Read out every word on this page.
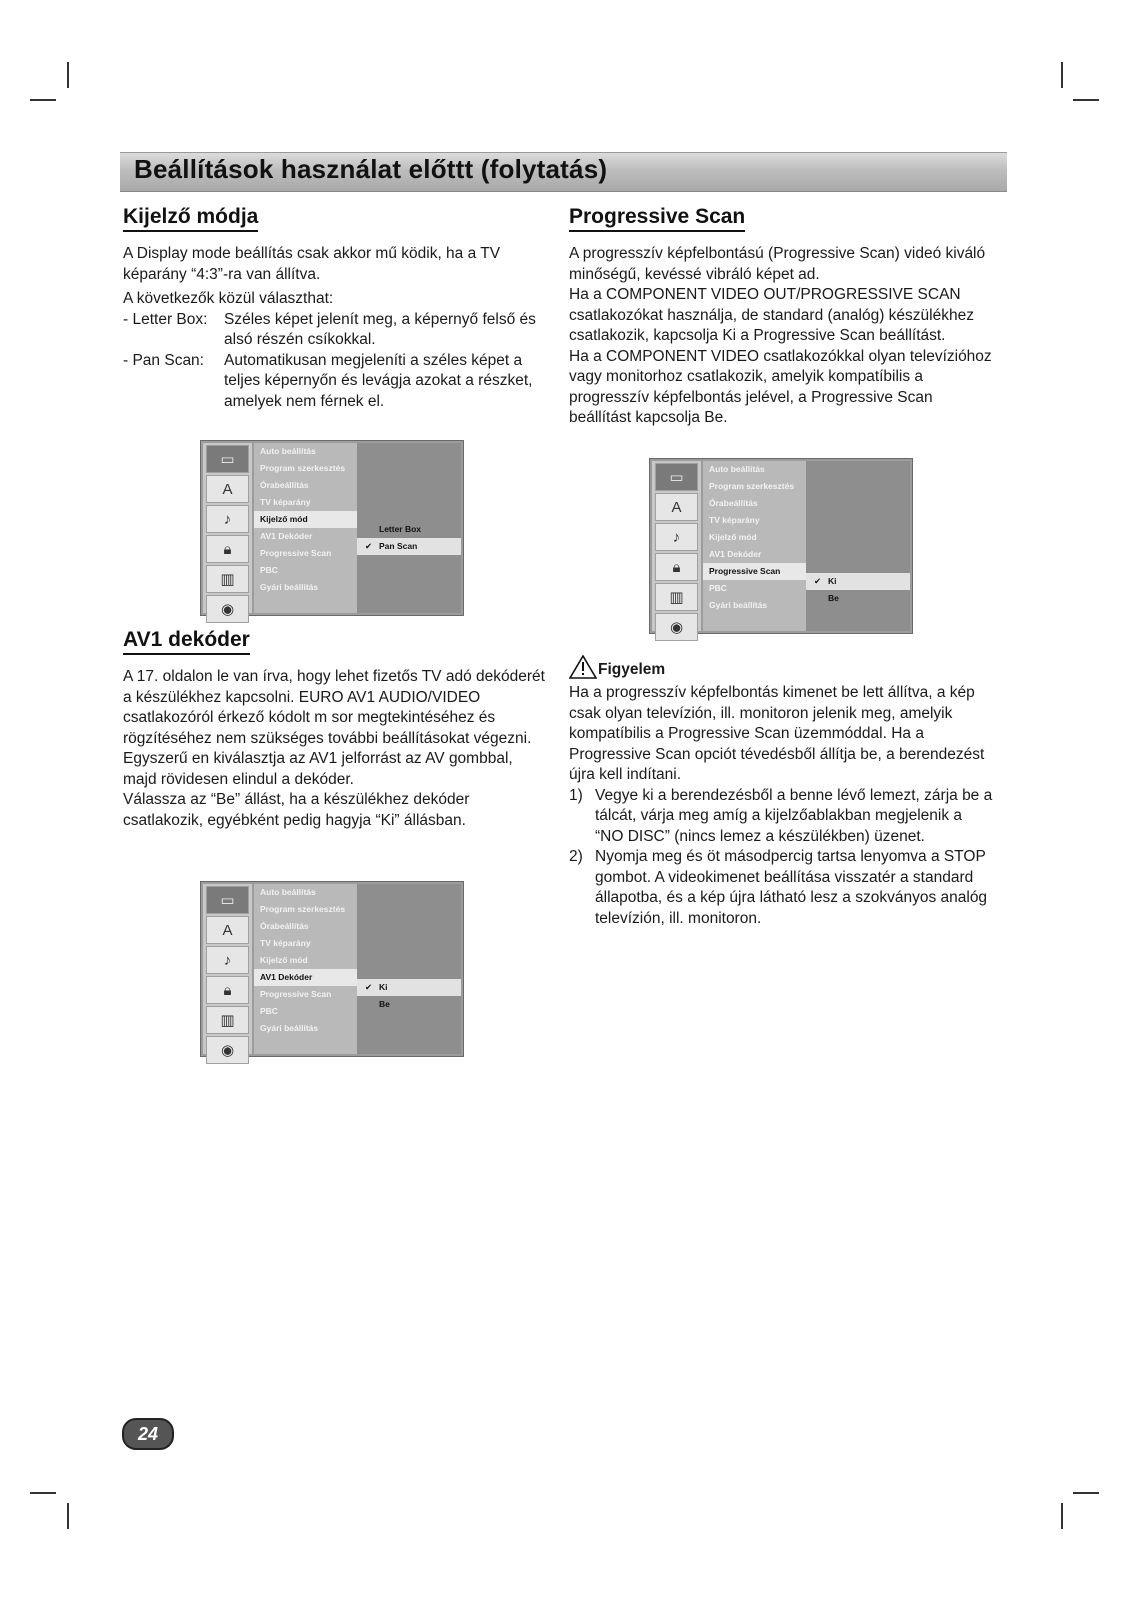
Beállítások használat előttt (folytatás)
Kijelző módja

A Display mode beállítás csak akkor mű ködik, ha a TV képarány “4:3”-ra van állítva.

A következők közül választhat:

- Letter Box:	Széles képet jelenít meg, a képernyő felső és alsó részén csíkokkal.
- Pan Scan:	Automatikusan megjeleníti a széles képet a teljes képernyőn és levágja azokat a részket, amelyek nem férnek el.
▭
A
♪
🔒︎
▥
◉
Auto beállítás
Program szerkesztés
Órabeállítás
TV képarány
Kijelző mód
AV1 Dekóder
Progressive Scan
PBC
Gyári beállítás
Letter Box
✔ Pan Scan
AV1 dekóder

A 17. oldalon le van írva, hogy lehet fizetős TV adó dekóderét a készülékhez kapcsolni. EURO AV1 AUDIO/VIDEO csatlakozóról érkező kódolt m sor megtekintéséhez és rögzítéséhez nem szükséges további beállításokat végezni. Egyszerű en kiválasztja az AV1 jelforrást az AV gombbal, majd rövidesen elindul a dekóder.

Válassza az “Be” állást, ha a készülékhez dekóder csatlakozik, egyébként pedig hagyja “Ki” állásban.

▭
A
♪
🔒︎
▥
◉
Auto beállítás
Program szerkesztés
Órabeállítás
TV képarány
Kijelző mód
AV1 Dekóder
Progressive Scan
PBC
Gyári beállítás
✔ Ki
Be
Progressive Scan

A progresszív képfelbontású (Progressive Scan) videó kiváló minőségű, kevéssé vibráló képet ad.

Ha a COMPONENT VIDEO OUT/PROGRESSIVE SCAN csatlakozókat használja, de standard (analóg) készülékhez csatlakozik, kapcsolja Ki a Progressive Scan beállítást.

Ha a COMPONENT VIDEO csatlakozókkal olyan televízióhoz vagy monitorhoz csatlakozik, amelyik kompatíbilis a progresszív képfelbontás jelével, a Progressive Scan beállítást kapcsolja Be.

▭
A
♪
🔒︎
▥
◉
Auto beállítás
Program szerkesztés
Órabeállítás
TV képarány
Kijelző mód
AV1 Dekóder
Progressive Scan
PBC
Gyári beállítás
✔ Ki
Be
Figyelem

Ha a progresszív képfelbontás kimenet be lett állítva, a kép csak olyan televízión, ill. monitoron jelenik meg, amelyik kompatíbilis a Progressive Scan üzemmóddal. Ha a Progressive Scan opciót tévedésből állítja be, a berendezést újra kell indítani.

1) Vegye ki a berendezésből a benne lévő lemezt, zárja be a tálcát, várja meg amíg a kijelzőablakban megjelenik a “NO DISC” (nincs lemez a készülékben) üzenet.
2) Nyomja meg és öt másodpercig tartsa lenyomva a STOP gombot. A videokimenet beállítása visszatér a standard állapotba, és a kép újra látható lesz a szokványos analóg televízión, ill. monitoron.
24
